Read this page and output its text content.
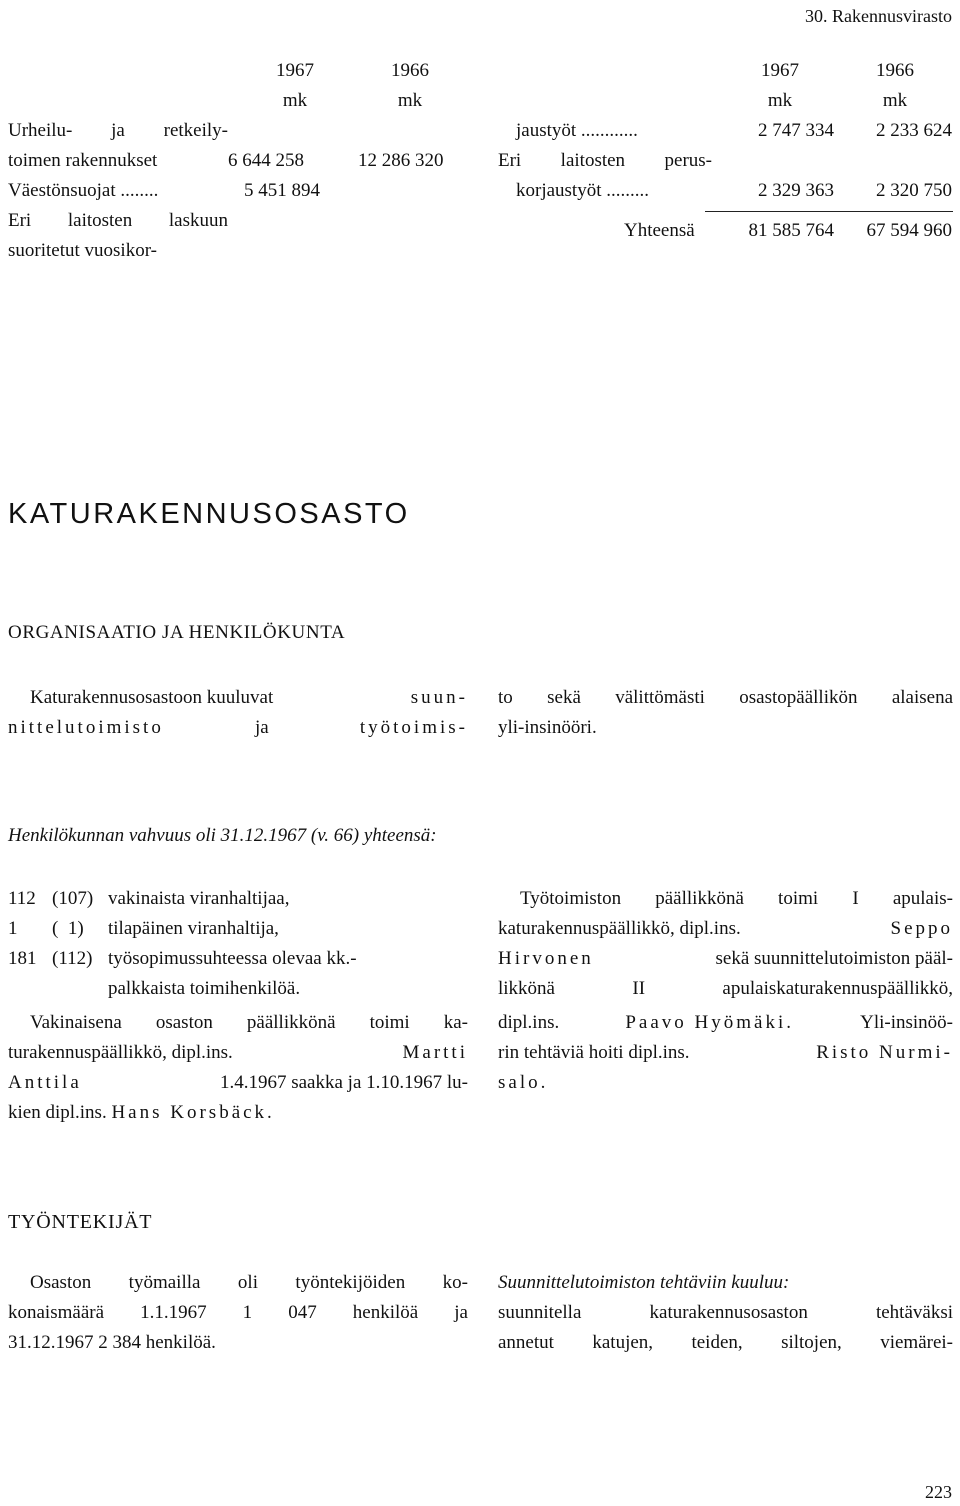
30. Rakennusvirasto
1967	1966
mk	mk
Urheilu- ja retkeily-
toimen rakennukset	6 644 258	12 286 320
Väestönsuojat ........	5 451 894
Eri laitosten laskuun
suoritetut vuosikor-
1967	1966
mk	mk
jaustyöt ............	2 747 334	2 233 624
Eri laitosten perus-
korjaustyöt .........	2 329 363	2 320 750
Yhteensä	81 585 764	67 594 960
KATURAKENNUSOSASTO
ORGANISAATIO JA HENKILÖKUNTA
Katurakennusosastoon kuuluvat	suun-
nittelutoimisto	ja	työtoimis-
to sekä välittömästi osastopäällikön alaisena
yli-insinööri.
Henkilökunnan vahvuus oli 31.12.1967 (v. 66) yhteensä:
112 (107) vakinaista viranhaltijaa,
1 (  1) tilapäinen viranhaltija,
181 (112) työsopimussuhteessa olevaa kk.-
palkkaista toimihenkilöä.
Vakinaisena osaston päällikkönä toimi ka-
turakennuspäällikkö, dipl.ins.	Martti
Anttila	1.4.1967 saakka ja 1.10.1967 lu-
kien dipl.ins. Hans Korsbäck.
Työtoimiston päällikkönä toimi I apulais-
katurakennuspäällikkö, dipl.ins.	Seppo
Hirvonen	sekä suunnittelutoimiston pääl-
likkönä II apulaiskaturakennuspäällikkö,
dipl.ins.	Paavo Hyömäki.	Yli-insinöö-
rin tehtäviä hoiti dipl.ins.	Risto Nurmi-
salo.
TYÖNTEKIJÄT
Osaston työmailla oli työntekijöiden ko-
konaismäärä 1.1.1967 1 047 henkilöä ja
31.12.1967 2 384 henkilöä.
Suunnittelutoimiston tehtäviin kuuluu:
suunnitella katurakennusosaston tehtäväksi
annetut katujen, teiden, siltojen, viemärei-
223
